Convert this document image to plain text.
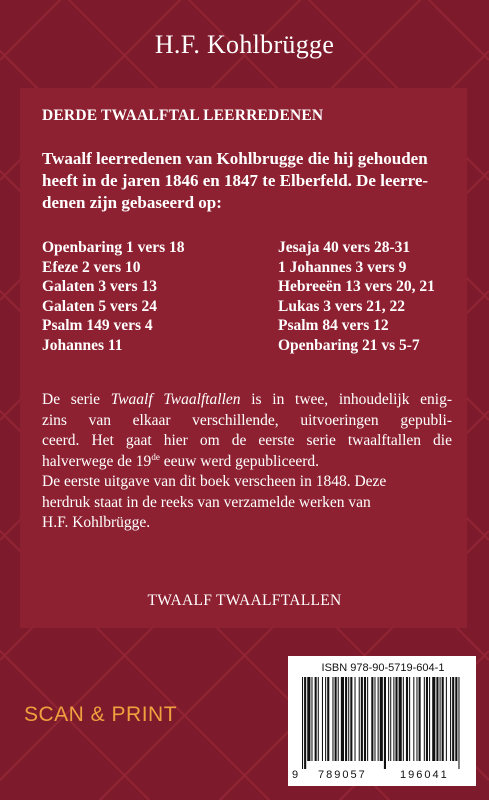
H.F. Kohlbrügge
DERDE TWAALFTAL LEERREDENEN
Twaalf leerredenen van Kohlbrugge die hij gehouden
heeft in de jaren 1846 en 1847 te Elberfeld. De leerre-
denen zijn gebaseerd op:
Openbaring 1 vers 18	Jesaja 40 vers 28-31
Efeze 2 vers 10	1 Johannes 3 vers 9
Galaten 3 vers 13	Hebreeën 13 vers 20, 21
Galaten 5 vers 24	Lukas 3 vers 21, 22
Psalm 149 vers 4	Psalm 84 vers 12
Johannes 11	Openbaring 21 vs 5-7
De serie Twaalf Twaalftallen is in twee, inhoudelijk enig-
zins van elkaar verschillende, uitvoeringen gepubli-
ceerd. Het gaat hier om de eerste serie twaalftallen die
halverwege de 19de eeuw werd gepubliceerd.
De eerste uitgave van dit boek verscheen in 1848. Deze
herdruk staat in de reeks van verzamelde werken van
H.F. Kohlbrügge.
TWAALF TWAALFTALLEN
SCAN & PRINT
ISBN 978-90-5719-604-1
9 789057	196041
